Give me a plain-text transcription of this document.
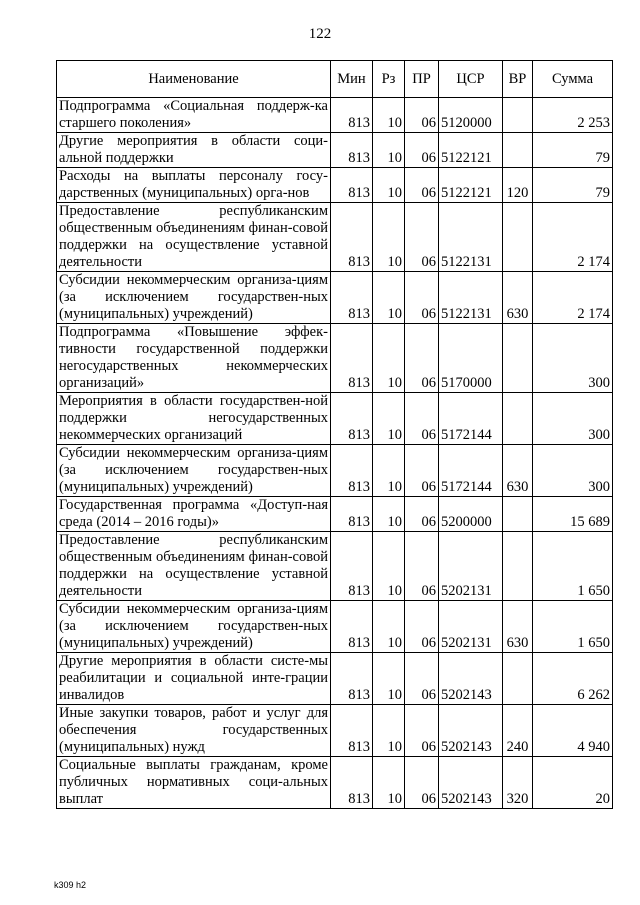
122
Наименование	Мин	Рз	ПР	ЦСР	ВР	Сумма
Подпрограмма «Социальная поддерж-ка старшего поколения»	813	10	06	5120000		2 253
Другие мероприятия в области соци-альной поддержки	813	10	06	5122121		79
Расходы на выплаты персоналу госу-дарственных (муниципальных) орга-нов	813	10	06	5122121	120	79
Предоставление республиканским общественным объединениям финан-совой поддержки на осуществление уставной деятельности	813	10	06	5122131		2 174
Субсидии некоммерческим организа-циям (за исключением государствен-ных (муниципальных) учреждений)	813	10	06	5122131	630	2 174
Подпрограмма «Повышение эффек-тивности государственной поддержки негосударственных некоммерческих организаций»	813	10	06	5170000		300
Мероприятия в области государствен-ной поддержки негосударственных некоммерческих организаций	813	10	06	5172144		300
Субсидии некоммерческим организа-циям (за исключением государствен-ных (муниципальных) учреждений)	813	10	06	5172144	630	300
Государственная программа «Доступ-ная среда (2014 – 2016 годы)»	813	10	06	5200000		15 689
Предоставление республиканским общественным объединениям финан-совой поддержки на осуществление уставной деятельности	813	10	06	5202131		1 650
Субсидии некоммерческим организа-циям (за исключением государствен-ных (муниципальных) учреждений)	813	10	06	5202131	630	1 650
Другие мероприятия в области систе-мы реабилитации и социальной инте-грации инвалидов	813	10	06	5202143		6 262
Иные закупки товаров, работ и услуг для обеспечения государственных (муниципальных) нужд	813	10	06	5202143	240	4 940
Социальные выплаты гражданам, кроме публичных нормативных соци-альных выплат	813	10	06	5202143	320	20
k309 h2
